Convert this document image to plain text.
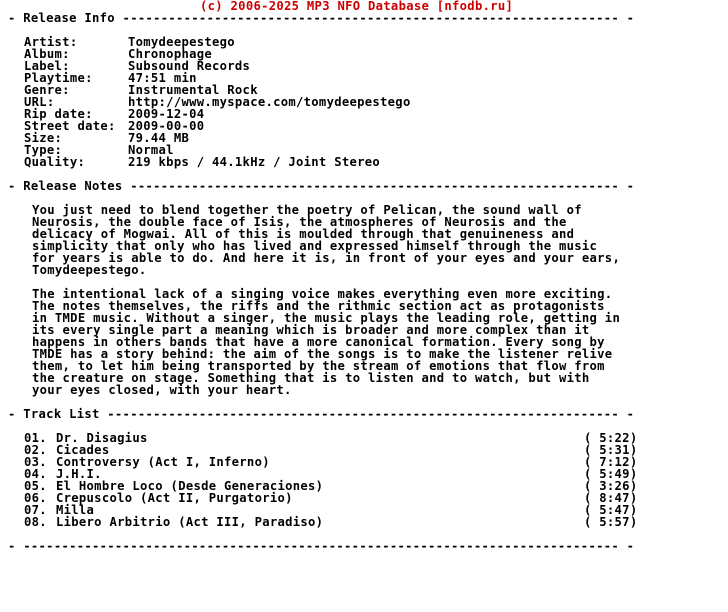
(c) 2006-2025 MP3 NFO Database [nfodb.ru]
- Release Info ----------------------------------------------------------------- -
Artist:	Tomydeepestego
Album:	Chronophage
Label:	Subsound Records
Playtime:	47:51 min
Genre:	Instrumental Rock
URL:	http://www.myspace.com/tomydeepestego
Rip date:	2009-12-04
Street date: 2009-00-00
Size:	79.44 MB
Type:	Normal
Quality:	219 kbps / 44.1kHz / Joint Stereo
- Release Notes ---------------------------------------------------------------- -
You just need to blend together the poetry of Pelican, the sound wall of
Neurosis, the double face of Isis, the atmospheres of Neurosis and the
delicacy of Mogwai. All of this is moulded through that genuineness and
simplicity that only who has lived and expressed himself through the music
for years is able to do. And here it is, in front of your eyes and your ears,
Tomydeepestego.
The intentional lack of a singing voice makes everything even more exciting.
The notes themselves, the riffs and the rithmic section act as protagonists
in TMDE music. Without a singer, the music plays the leading role, getting in
its every single part a meaning which is broader and more complex than it
happens in others bands that have a more canonical formation. Every song by
TMDE has a story behind: the aim of the songs is to make the listener relive
them, to let him being transported by the stream of emotions that flow from
the creature on stage. Something that is to listen and to watch, but with
your eyes closed, with your heart.
- Track List ------------------------------------------------------------------- -
01. Dr. Disagius	( 5:22)
02. Cicades	( 5:31)
03. Controversy (Act I, Inferno)	( 7:12)
04. J.H.I.	( 5:49)
05. El Hombre Loco (Desde Generaciones)	( 3:26)
06. Crepuscolo (Act II, Purgatorio)	( 8:47)
07. Milla	( 5:47)
08. Libero Arbitrio (Act III, Paradiso)	( 5:57)
- ------------------------------------------------------------------------------ -
